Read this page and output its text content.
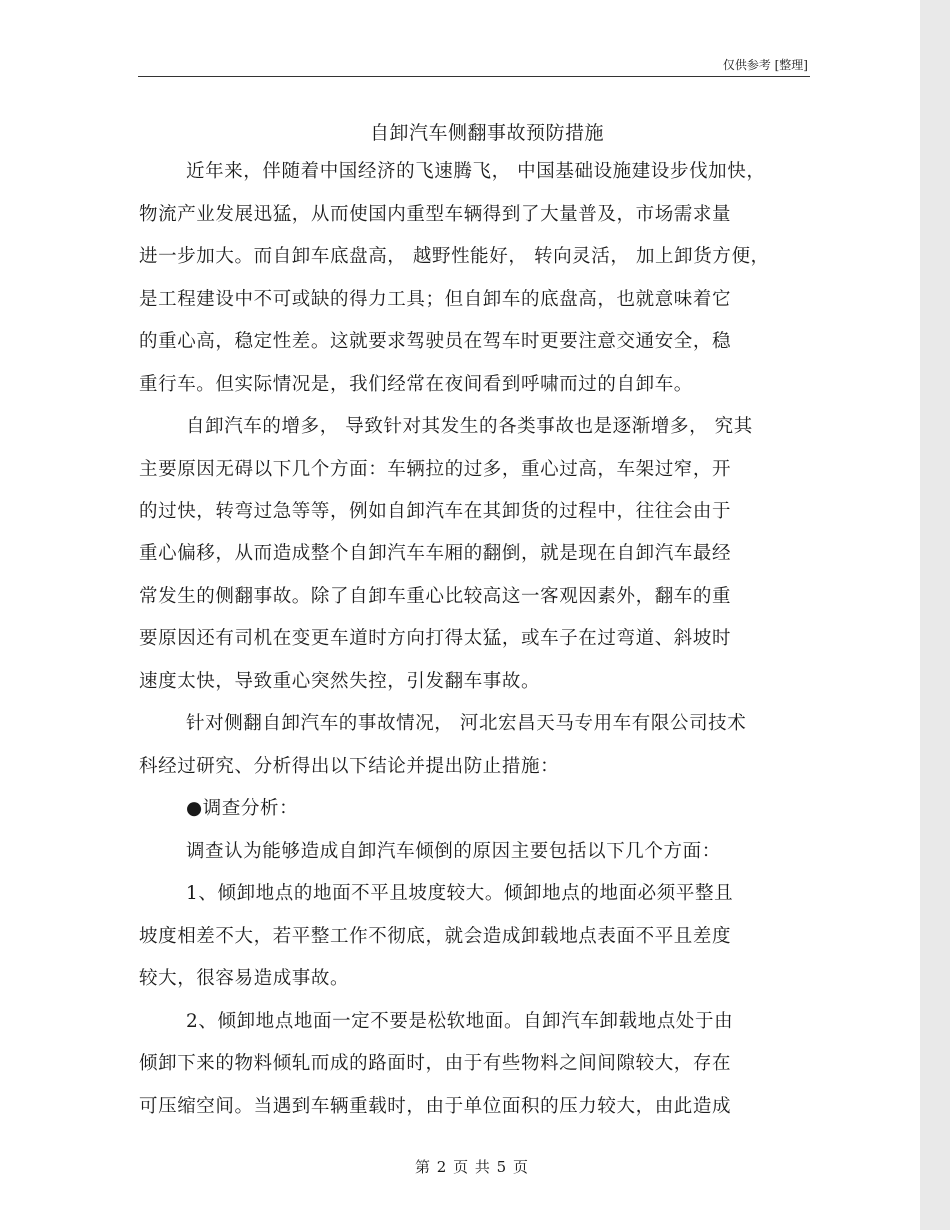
仅供参考 [整理]
自卸汽车侧翻事故预防措施
近年来，伴随着中国经济的飞速腾飞， 中国基础设施建设步伐加快，
物流产业发展迅猛，从而使国内重型车辆得到了大量普及，市场需求量
进一步加大。而自卸车底盘高， 越野性能好， 转向灵活， 加上卸货方便，
是工程建设中不可或缺的得力工具；但自卸车的底盘高，也就意味着它
的重心高，稳定性差。这就要求驾驶员在驾车时更要注意交通安全，稳
重行车。但实际情况是，我们经常在夜间看到呼啸而过的自卸车。
自卸汽车的增多， 导致针对其发生的各类事故也是逐渐增多， 究其
主要原因无碍以下几个方面：车辆拉的过多，重心过高，车架过窄，开
的过快，转弯过急等等，例如自卸汽车在其卸货的过程中，往往会由于
重心偏移，从而造成整个自卸汽车车厢的翻倒，就是现在自卸汽车最经
常发生的侧翻事故。除了自卸车重心比较高这一客观因素外，翻车的重
要原因还有司机在变更车道时方向打得太猛，或车子在过弯道、斜坡时
速度太快，导致重心突然失控，引发翻车事故。
针对侧翻自卸汽车的事故情况， 河北宏昌天马专用车有限公司技术
科经过研究、分析得出以下结论并提出防止措施：
●调查分析：
调查认为能够造成自卸汽车倾倒的原因主要包括以下几个方面：
1、倾卸地点的地面不平且坡度较大。倾卸地点的地面必须平整且
坡度相差不大，若平整工作不彻底，就会造成卸载地点表面不平且差度
较大，很容易造成事故。
2、倾卸地点地面一定不要是松软地面。自卸汽车卸载地点处于由
倾卸下来的物料倾轧而成的路面时，由于有些物料之间间隙较大，存在
可压缩空间。当遇到车辆重载时，由于单位面积的压力较大，由此造成
第 2 页 共 5 页
